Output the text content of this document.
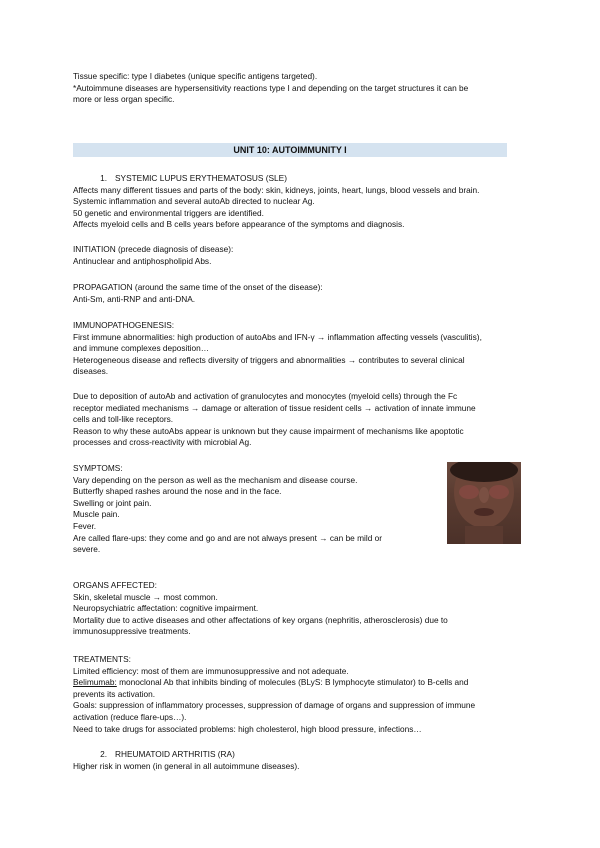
Tissue specific: type I diabetes (unique specific antigens targeted).

*Autoimmune diseases are hypersensitivity reactions type I and depending on the target structures it can be

more or less organ specific.

UNIT 10: AUTOIMMUNITY I

1. SYSTEMIC LUPUS ERYTHEMATOSUS (SLE)

Affects many different tissues and parts of the body: skin, kidneys, joints, heart, lungs, blood vessels and brain.

Systemic inflammation and several autoAb directed to nuclear Ag.

50 genetic and environmental triggers are identified.

Affects myeloid cells and B cells years before appearance of the symptoms and diagnosis.

INITIATION (precede diagnosis of disease):

Antinuclear and antiphospholipid Abs.

PROPAGATION (around the same time of the onset of the disease):

Anti-Sm, anti-RNP and anti-DNA.

IMMUNOPATHOGENESIS:

First immune abnormalities: high production of autoAbs and IFN-γ → inflammation affecting vessels (vasculitis),

and immune complexes deposition…

Heterogeneous disease and reflects diversity of triggers and abnormalities → contributes to several clinical

diseases.

Due to deposition of autoAb and activation of granulocytes and monocytes (myeloid cells) through the Fc

receptor mediated mechanisms → damage or alteration of tissue resident cells → activation of innate immune

cells and toll-like receptors.

Reason to why these autoAbs appear is unknown but they cause impairment of mechanisms like apoptotic

processes and cross-reactivity with microbial Ag.

SYMPTOMS:

Vary depending on the person as well as the mechanism and disease course.

Butterfly shaped rashes around the nose and in the face.

Swelling or joint pain.

Muscle pain.

Fever.

Are called flare-ups: they come and go and are not always present → can be mild or

severe.

ORGANS AFFECTED:

Skin, skeletal muscle → most common.

Neuropsychiatric affectation: cognitive impairment.

Mortality due to active diseases and other affectations of key organs (nephritis, atherosclerosis) due to

immunosuppressive treatments.

TREATMENTS:

Limited efficiency: most of them are immunosuppressive and not adequate.

Belimumab: monoclonal Ab that inhibits binding of molecules (BLyS: B lymphocyte stimulator) to B-cells and

prevents its activation.

Goals: suppression of inflammatory processes, suppression of damage of organs and suppression of immune

activation (reduce flare-ups…).

Need to take drugs for associated problems: high cholesterol, high blood pressure, infections…

2. RHEUMATOID ARTHRITIS (RA)

Higher risk in women (in general in all autoimmune diseases).
